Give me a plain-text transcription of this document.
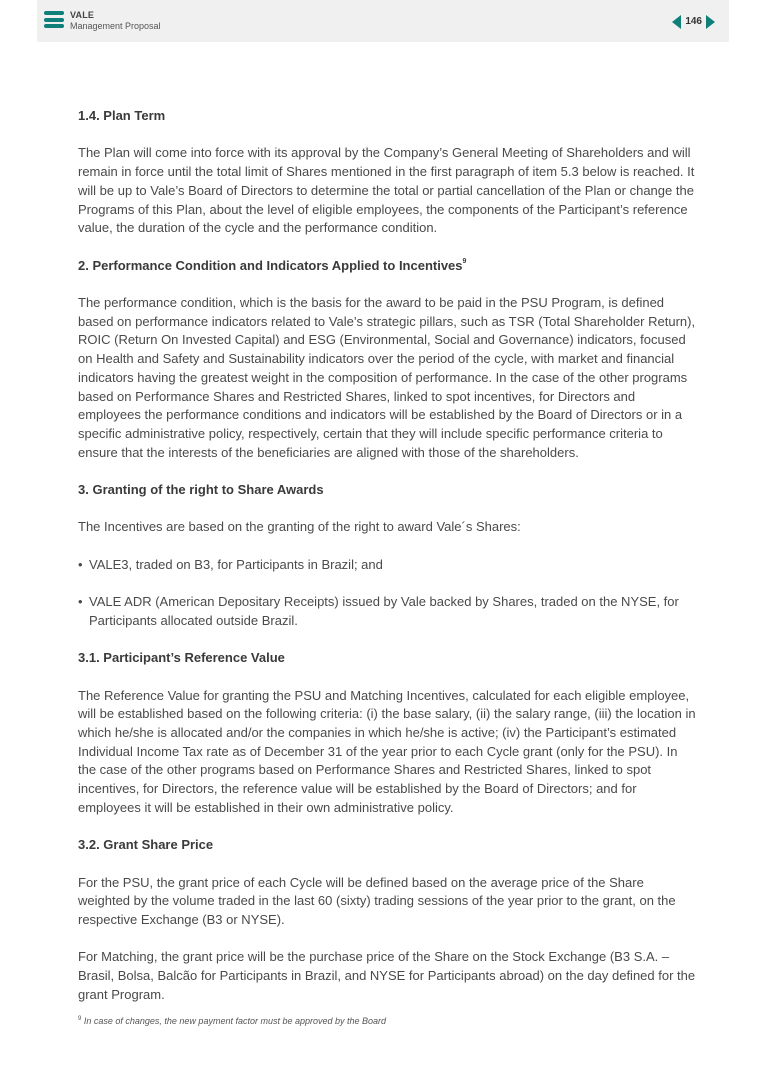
VALE
Management Proposal	146
1.4. Plan Term

The Plan will come into force with its approval by the Company’s General Meeting of Shareholders and will remain in force until the total limit of Shares mentioned in the first paragraph of item 5.3 below is reached. It will be up to Vale’s Board of Directors to determine the total or partial cancellation of the Plan or change the Programs of this Plan, about the level of eligible employees, the components of the Participant’s reference value, the duration of the cycle and the performance condition.

2. Performance Condition and Indicators Applied to Incentives$^9$

The performance condition, which is the basis for the award to be paid in the PSU Program, is defined based on performance indicators related to Vale’s strategic pillars, such as TSR (Total Shareholder Return), ROIC (Return On Invested Capital) and ESG (Environmental, Social and Governance) indicators, focused on Health and Safety and Sustainability indicators over the period of the cycle, with market and financial indicators having the greatest weight in the composition of performance. In the case of the other programs based on Performance Shares and Restricted Shares, linked to spot incentives, for Directors and employees the performance conditions and indicators will be established by the Board of Directors or in a specific administrative policy, respectively, certain that they will include specific performance criteria to ensure that the interests of the beneficiaries are aligned with those of the shareholders.

3. Granting of the right to Share Awards

The Incentives are based on the granting of the right to award Vale´s Shares:

• VALE3, traded on B3, for Participants in Brazil; and
• VALE ADR (American Depositary Receipts) issued by Vale backed by Shares, traded on the NYSE, for Participants allocated outside Brazil.
3.1. Participant’s Reference Value

The Reference Value for granting the PSU and Matching Incentives, calculated for each eligible employee, will be established based on the following criteria: (i) the base salary, (ii) the salary range, (iii) the location in which he/she is allocated and/or the companies in which he/she is active; (iv) the Participant’s estimated Individual Income Tax rate as of December 31 of the year prior to each Cycle grant (only for the PSU). In the case of the other programs based on Performance Shares and Restricted Shares, linked to spot incentives, for Directors, the reference value will be established by the Board of Directors; and for employees it will be established in their own administrative policy.

3.2. Grant Share Price

For the PSU, the grant price of each Cycle will be defined based on the average price of the Share weighted by the volume traded in the last 60 (sixty) trading sessions of the year prior to the grant, on the respective Exchange (B3 or NYSE).

For Matching, the grant price will be the purchase price of the Share on the Stock Exchange (B3 S.A. – Brasil, Bolsa, Balcão for Participants in Brazil, and NYSE for Participants abroad) on the day defined for the grant Program.

$^9$ In case of changes, the new payment factor must be approved by the Board
